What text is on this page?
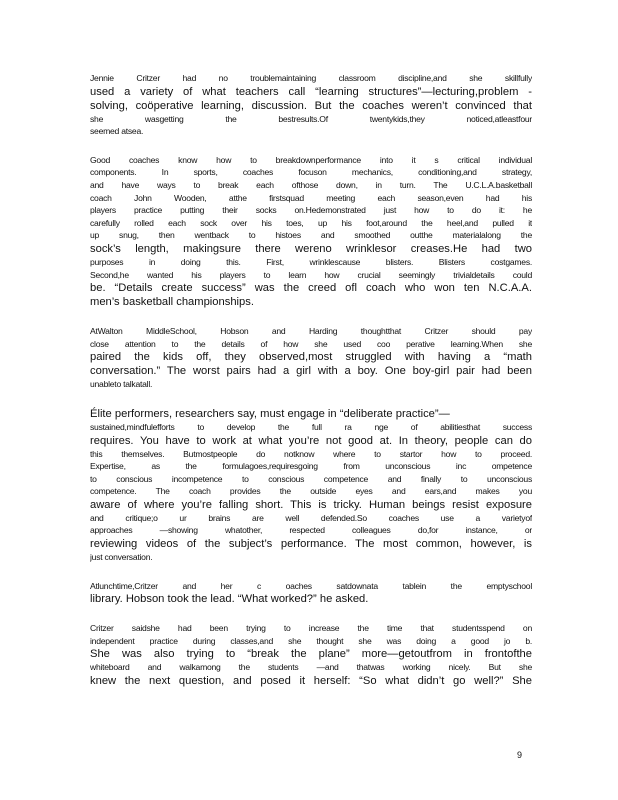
Jennie Critzer had no troublemaintaining classroom discipline,and she skillfully
used a variety of what teachers call “learning structures”—lecturing,problem -
solving, coöperative learning, discussion. But the coaches weren’t convinced that
she wasgetting the bestresults.Of twentykids,they noticed,atleastfour
seemed atsea.
Good coaches know how to breakdownperformance into it s critical individual
components. In sports, coaches focuson mechanics, conditioning,and strategy,
and have ways to break each ofthose down, in turn. The U.C.L.A.basketball
coach John Wooden, atthe firstsquad meeting each season,even had his
players practice putting their socks on.Hedemonstrated just how to do it: he
carefully rolled each sock over his toes, up his foot,around the heel,and pulled it
up snug, then wentback to histoes and smoothed outthe materialalong the
sock’s length, makingsure there wereno wrinklesor creases.He had two
purposes in doing this. First, wrinklescause blisters. Blisters costgames.
Second,he wanted his players to learn how crucial seemingly trivialdetails could
be. “Details create success” was the creed ofl coach who won ten N.C.A.A.
men’s basketball championships.
AtWalton MiddleSchool, Hobson and Harding thoughtthat Critzer should pay
close attention to the details of how she used coo perative learning.When she
paired the kids off, they observed,most struggled with having a “math
conversation.” The worst pairs had a girl with a boy. One boy-girl pair had been
unableto talkatall.
Élite performers, researchers say, must engage in “deliberate practice”—
sustained,mindfulefforts to develop the full ra nge of abilitiesthat success
requires. You have to work at what you’re not good at. In theory, people can do
this themselves. Butmostpeople do notknow where to startor how to proceed.
Expertise, as the formulagoes,requiresgoing from unconscious inc ompetence
to conscious incompetence to conscious competence and finally to unconscious
competence. The coach provides the outside eyes and ears,and makes you
aware of where you’re falling short. This is tricky. Human beings resist exposure
and critique;o ur brains are well defended.So coaches use a varietyof
approaches —showing whatother, respected colleagues do,for instance, or
reviewing videos of the subject’s performance. The most common, however, is
just conversation.
Atlunchtime,Critzer and her c oaches satdownata tablein the emptyschool
library. Hobson took the lead. “What worked?” he asked.
Critzer saidshe had been trying to increase the time that studentsspend on
independent practice during classes,and she thought she was doing a good jo b.
She was also trying to “break the plane” more—getoutfrom in frontofthe
whiteboard and walkamong the students —and thatwas working nicely. But she
knew the next question, and posed it herself: “So what didn’t go well?” She
9
